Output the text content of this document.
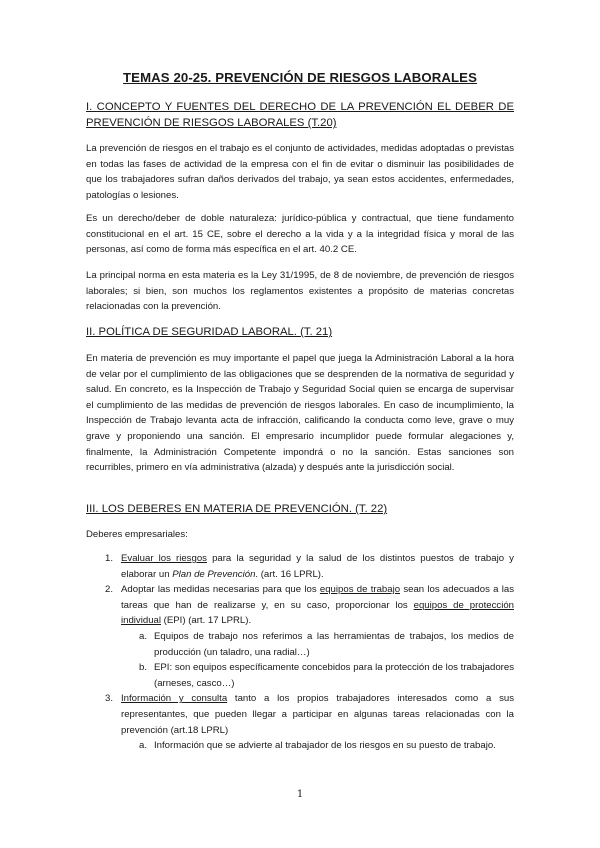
TEMAS 20-25. PREVENCIÓN DE RIESGOS LABORALES
I. CONCEPTO Y FUENTES DEL DERECHO DE LA PREVENCIÓN EL DEBER DE PREVENCIÓN DE RIESGOS LABORALES (T.20)

La prevención de riesgos en el trabajo es el conjunto de actividades, medidas adoptadas o previstas en todas las fases de actividad de la empresa con el fin de evitar o disminuir las posibilidades de que los trabajadores sufran daños derivados del trabajo, ya sean estos accidentes, enfermedades, patologías o lesiones.

Es un derecho/deber de doble naturaleza: jurídico-pública y contractual, que tiene fundamento constitucional en el art. 15 CE, sobre el derecho a la vida y a la integridad física y moral de las personas, así como de forma más específica en el art. 40.2 CE.

La principal norma en esta materia es la Ley 31/1995, de 8 de noviembre, de prevención de riesgos laborales; si bien, son muchos los reglamentos existentes a propósito de materias concretas relacionadas con la prevención.

II. POLÍTICA DE SEGURIDAD LABORAL. (T. 21)

En materia de prevención es muy importante el papel que juega la Administración Laboral a la hora de velar por el cumplimiento de las obligaciones que se desprenden de la normativa de seguridad y salud. En concreto, es la Inspección de Trabajo y Seguridad Social quien se encarga de supervisar el cumplimiento de las medidas de prevención de riesgos laborales. En caso de incumplimiento, la Inspección de Trabajo levanta acta de infracción, calificando la conducta como leve, grave o muy grave y proponiendo una sanción. El empresario incumplidor puede formular alegaciones y, finalmente, la Administración Competente impondrá o no la sanción. Estas sanciones son recurribles, primero en vía administrativa (alzada) y después ante la jurisdicción social.

III. LOS DEBERES EN MATERIA DE PREVENCIÓN. (T. 22)

Deberes empresariales:

1. Evaluar los riesgos para la seguridad y la salud de los distintos puestos de trabajo y elaborar un Plan de Prevención. (art. 16 LPRL).
2. Adoptar las medidas necesarias para que los equipos de trabajo sean los adecuados a las tareas que han de realizarse y, en su caso, proporcionar los equipos de protección individual (EPI) (art. 17 LPRL).
a. Equipos de trabajo nos referimos a las herramientas de trabajos, los medios de producción (un taladro, una radial…)
b. EPI: son equipos específicamente concebidos para la protección de los trabajadores (arneses, casco…)
3. Información y consulta tanto a los propios trabajadores interesados como a sus representantes, que pueden llegar a participar en algunas tareas relacionadas con la prevención (art.18 LPRL)
a. Información que se advierte al trabajador de los riesgos en su puesto de trabajo.
1
